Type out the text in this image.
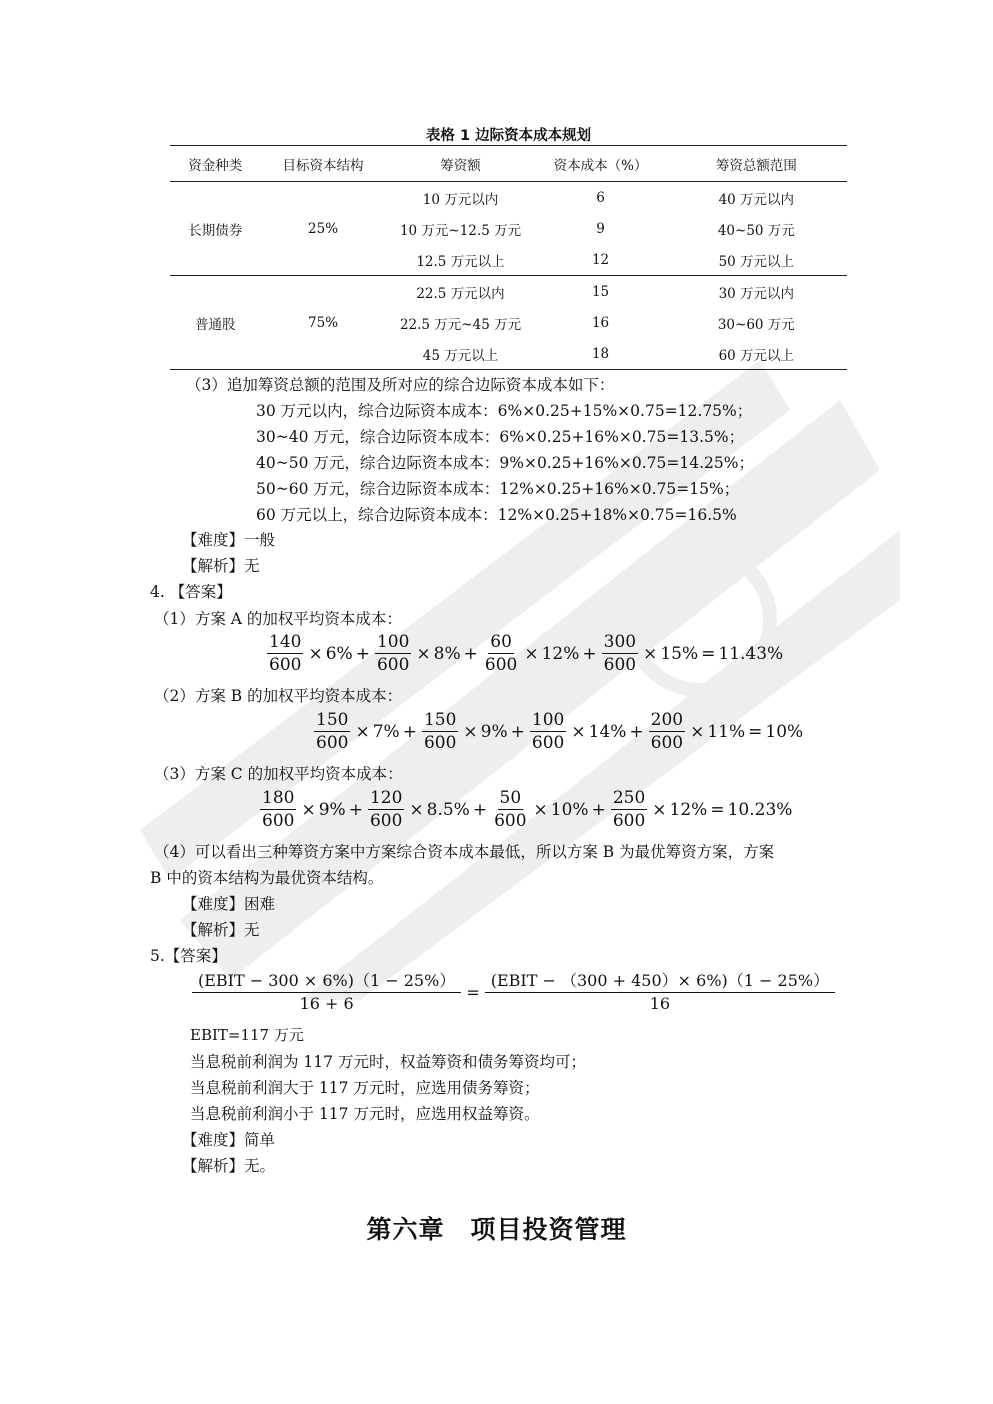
表格 1 边际资本成本规划
资金种类	目标资本结构	筹资额	资本成本（%）	筹资总额范围
长期债券	25%	10 万元以内	6	40 万元以内
		10 万元~12.5 万元	9	40~50 万元
		12.5 万元以上	12	50 万元以上
普通股	75%	22.5 万元以内	15	30 万元以内
		22.5 万元~45 万元	16	30~60 万元
		45 万元以上	18	60 万元以上
（3）追加筹资总额的范围及所对应的综合边际资本成本如下：
30 万元以内，综合边际资本成本：6%×0.25+15%×0.75=12.75%；
30~40 万元，综合边际资本成本：6%×0.25+16%×0.75=13.5%；
40~50 万元，综合边际资本成本：9%×0.25+16%×0.75=14.25%；
50~60 万元，综合边际资本成本：12%×0.25+16%×0.75=15%；
60 万元以上，综合边际资本成本：12%×0.25+18%×0.75=16.5%
【难度】一般
【解析】无
4. 【答案】
（1）方案 A 的加权平均资本成本：
$\frac{140}{600} \times 6\% + \frac{100}{600} \times 8\% + \frac{60}{600} \times 12\% + \frac{300}{600} \times 15\% = 11.43\%$
（2）方案 B 的加权平均资本成本：
$\frac{150}{600} \times 7\% + \frac{150}{600} \times 9\% + \frac{100}{600} \times 14\% + \frac{200}{600} \times 11\% = 10\%$
（3）方案 C 的加权平均资本成本：
$\frac{180}{600} \times 9\% + \frac{120}{600} \times 8.5\% + \frac{50}{600} \times 10\% + \frac{250}{600} \times 12\% = 10.23\%$
（4）可以看出三种筹资方案中方案综合资本成本最低，所以方案 B 为最优筹资方案，方案
B 中的资本结构为最优资本结构。
【难度】困难
【解析】无
5.【答案】
$\frac{\text{(EBIT − 300 × 6\%)（1 − 25\%）}}{16 + 6} = \frac{\text{(EBIT − （300 + 450）× 6\%)（1 − 25\%）}}{16}$
EBIT=117 万元
当息税前利润为 117 万元时，权益筹资和债务筹资均可；
当息税前利润大于 117 万元时，应选用债务筹资；
当息税前利润小于 117 万元时，应选用权益筹资。
【难度】简单
【解析】无。
第六章　项目投资管理
